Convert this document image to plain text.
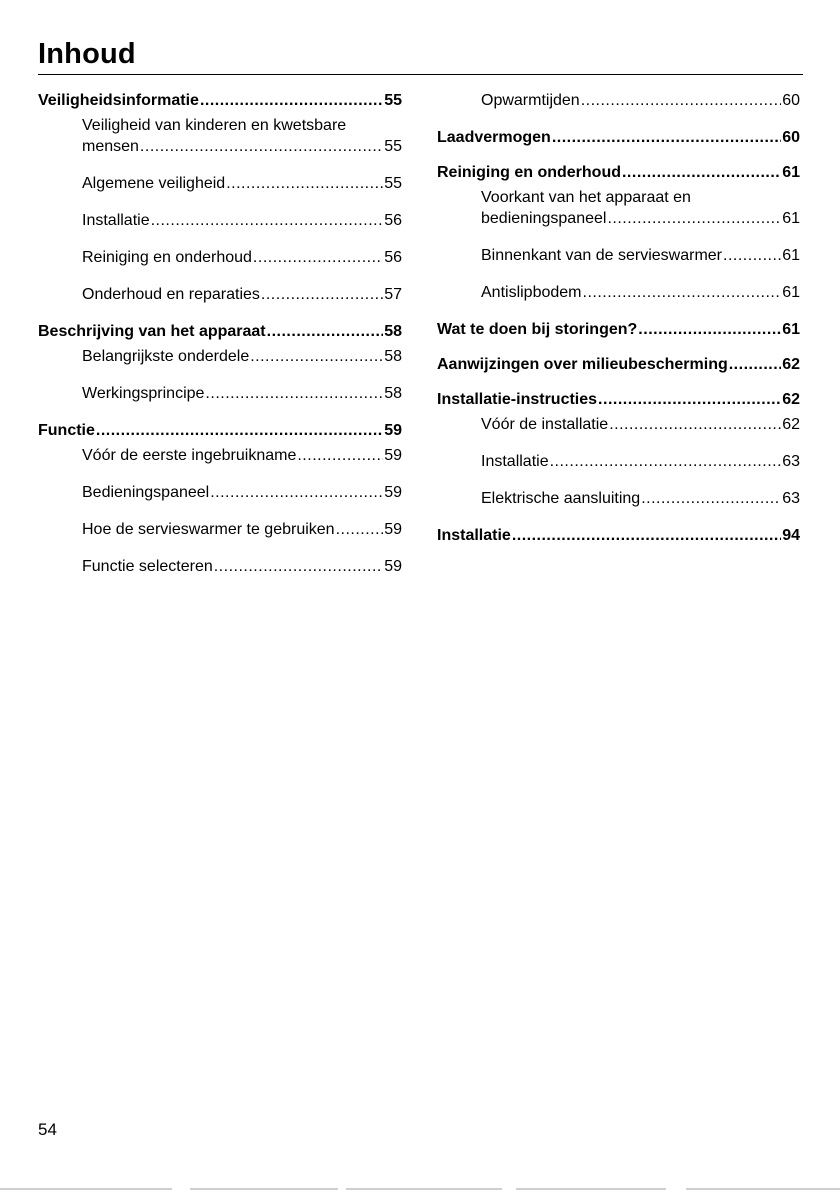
Inhoud
Veiligheidsinformatie .....	55
Veiligheid van kinderen en kwetsbare
mensen .....	55
Algemene veiligheid .....	55
Installatie .....	56
Reiniging en onderhoud .....	56
Onderhoud en reparaties .....	57
Beschrijving van het apparaat .....	58
Belangrijkste onderdele .....	58
Werkingsprincipe .....	58
Functie .....	59
Vóór de eerste ingebruikname .....	59
Bedieningspaneel .....	59
Hoe de servieswarmer te gebruiken .....	59
Functie selecteren .....	59
Opwarmtijden .....	60
Laadvermogen .....	60
Reiniging en onderhoud .....	61
Voorkant van het apparaat en
bedieningspaneel .....	61
Binnenkant van de servieswarmer .....	61
Antislipbodem .....	61
Wat te doen bij storingen? .....	61
Aanwijzingen over milieubescherming .....	62
Installatie-instructies .....	62
Vóór de installatie .....	62
Installatie .....	63
Elektrische aansluiting .....	63
Installatie .....	94
54
